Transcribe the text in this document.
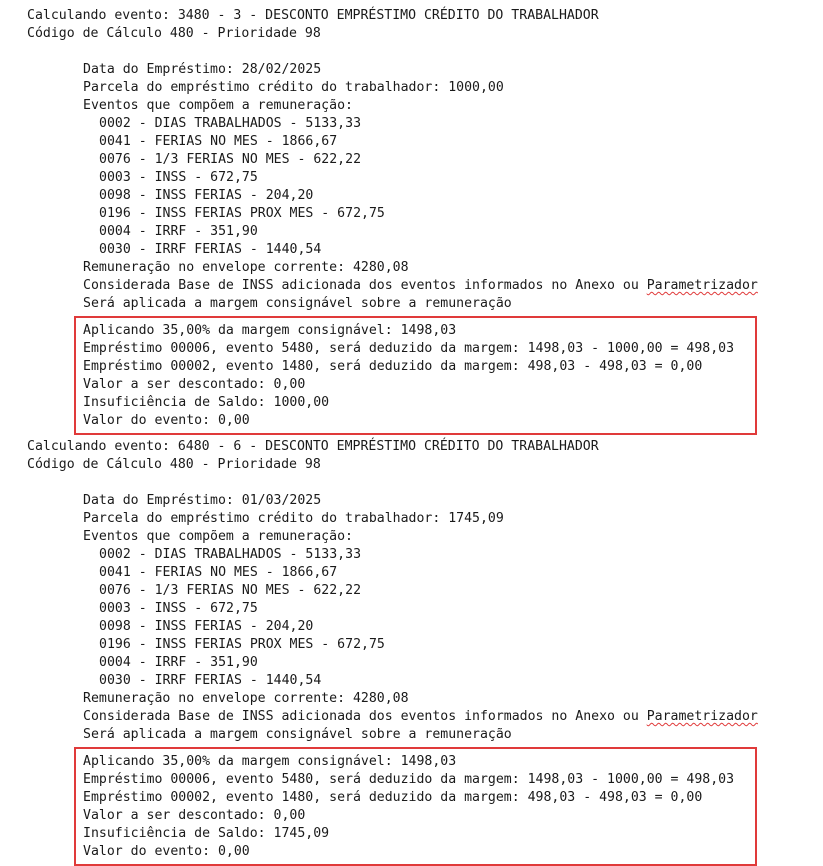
Calculando evento: 3480 - 3 - DESCONTO EMPRÉSTIMO CRÉDITO DO TRABALHADOR
Código de Cálculo 480 - Prioridade 98
Data do Empréstimo: 28/02/2025
Parcela do empréstimo crédito do trabalhador: 1000,00
Eventos que compõem a remuneração:
0002 - DIAS TRABALHADOS - 5133,33
0041 - FERIAS NO MES - 1866,67
0076 - 1/3 FERIAS NO MES - 622,22
0003 - INSS - 672,75
0098 - INSS FERIAS - 204,20
0196 - INSS FERIAS PROX MES - 672,75
0004 - IRRF - 351,90
0030 - IRRF FERIAS - 1440,54
Remuneração no envelope corrente: 4280,08
Considerada Base de INSS adicionada dos eventos informados no Anexo ou Parametrizador
Será aplicada a margem consignável sobre a remuneração
Aplicando 35,00% da margem consignável: 1498,03
Empréstimo 00006, evento 5480, será deduzido da margem: 1498,03 - 1000,00 = 498,03
Empréstimo 00002, evento 1480, será deduzido da margem: 498,03 - 498,03 = 0,00
Valor a ser descontado: 0,00
Insuficiência de Saldo: 1000,00
Valor do evento: 0,00
Calculando evento: 6480 - 6 - DESCONTO EMPRÉSTIMO CRÉDITO DO TRABALHADOR
Código de Cálculo 480 - Prioridade 98
Data do Empréstimo: 01/03/2025
Parcela do empréstimo crédito do trabalhador: 1745,09
Eventos que compõem a remuneração:
0002 - DIAS TRABALHADOS - 5133,33
0041 - FERIAS NO MES - 1866,67
0076 - 1/3 FERIAS NO MES - 622,22
0003 - INSS - 672,75
0098 - INSS FERIAS - 204,20
0196 - INSS FERIAS PROX MES - 672,75
0004 - IRRF - 351,90
0030 - IRRF FERIAS - 1440,54
Remuneração no envelope corrente: 4280,08
Considerada Base de INSS adicionada dos eventos informados no Anexo ou Parametrizador
Será aplicada a margem consignável sobre a remuneração
Aplicando 35,00% da margem consignável: 1498,03
Empréstimo 00006, evento 5480, será deduzido da margem: 1498,03 - 1000,00 = 498,03
Empréstimo 00002, evento 1480, será deduzido da margem: 498,03 - 498,03 = 0,00
Valor a ser descontado: 0,00
Insuficiência de Saldo: 1745,09
Valor do evento: 0,00
